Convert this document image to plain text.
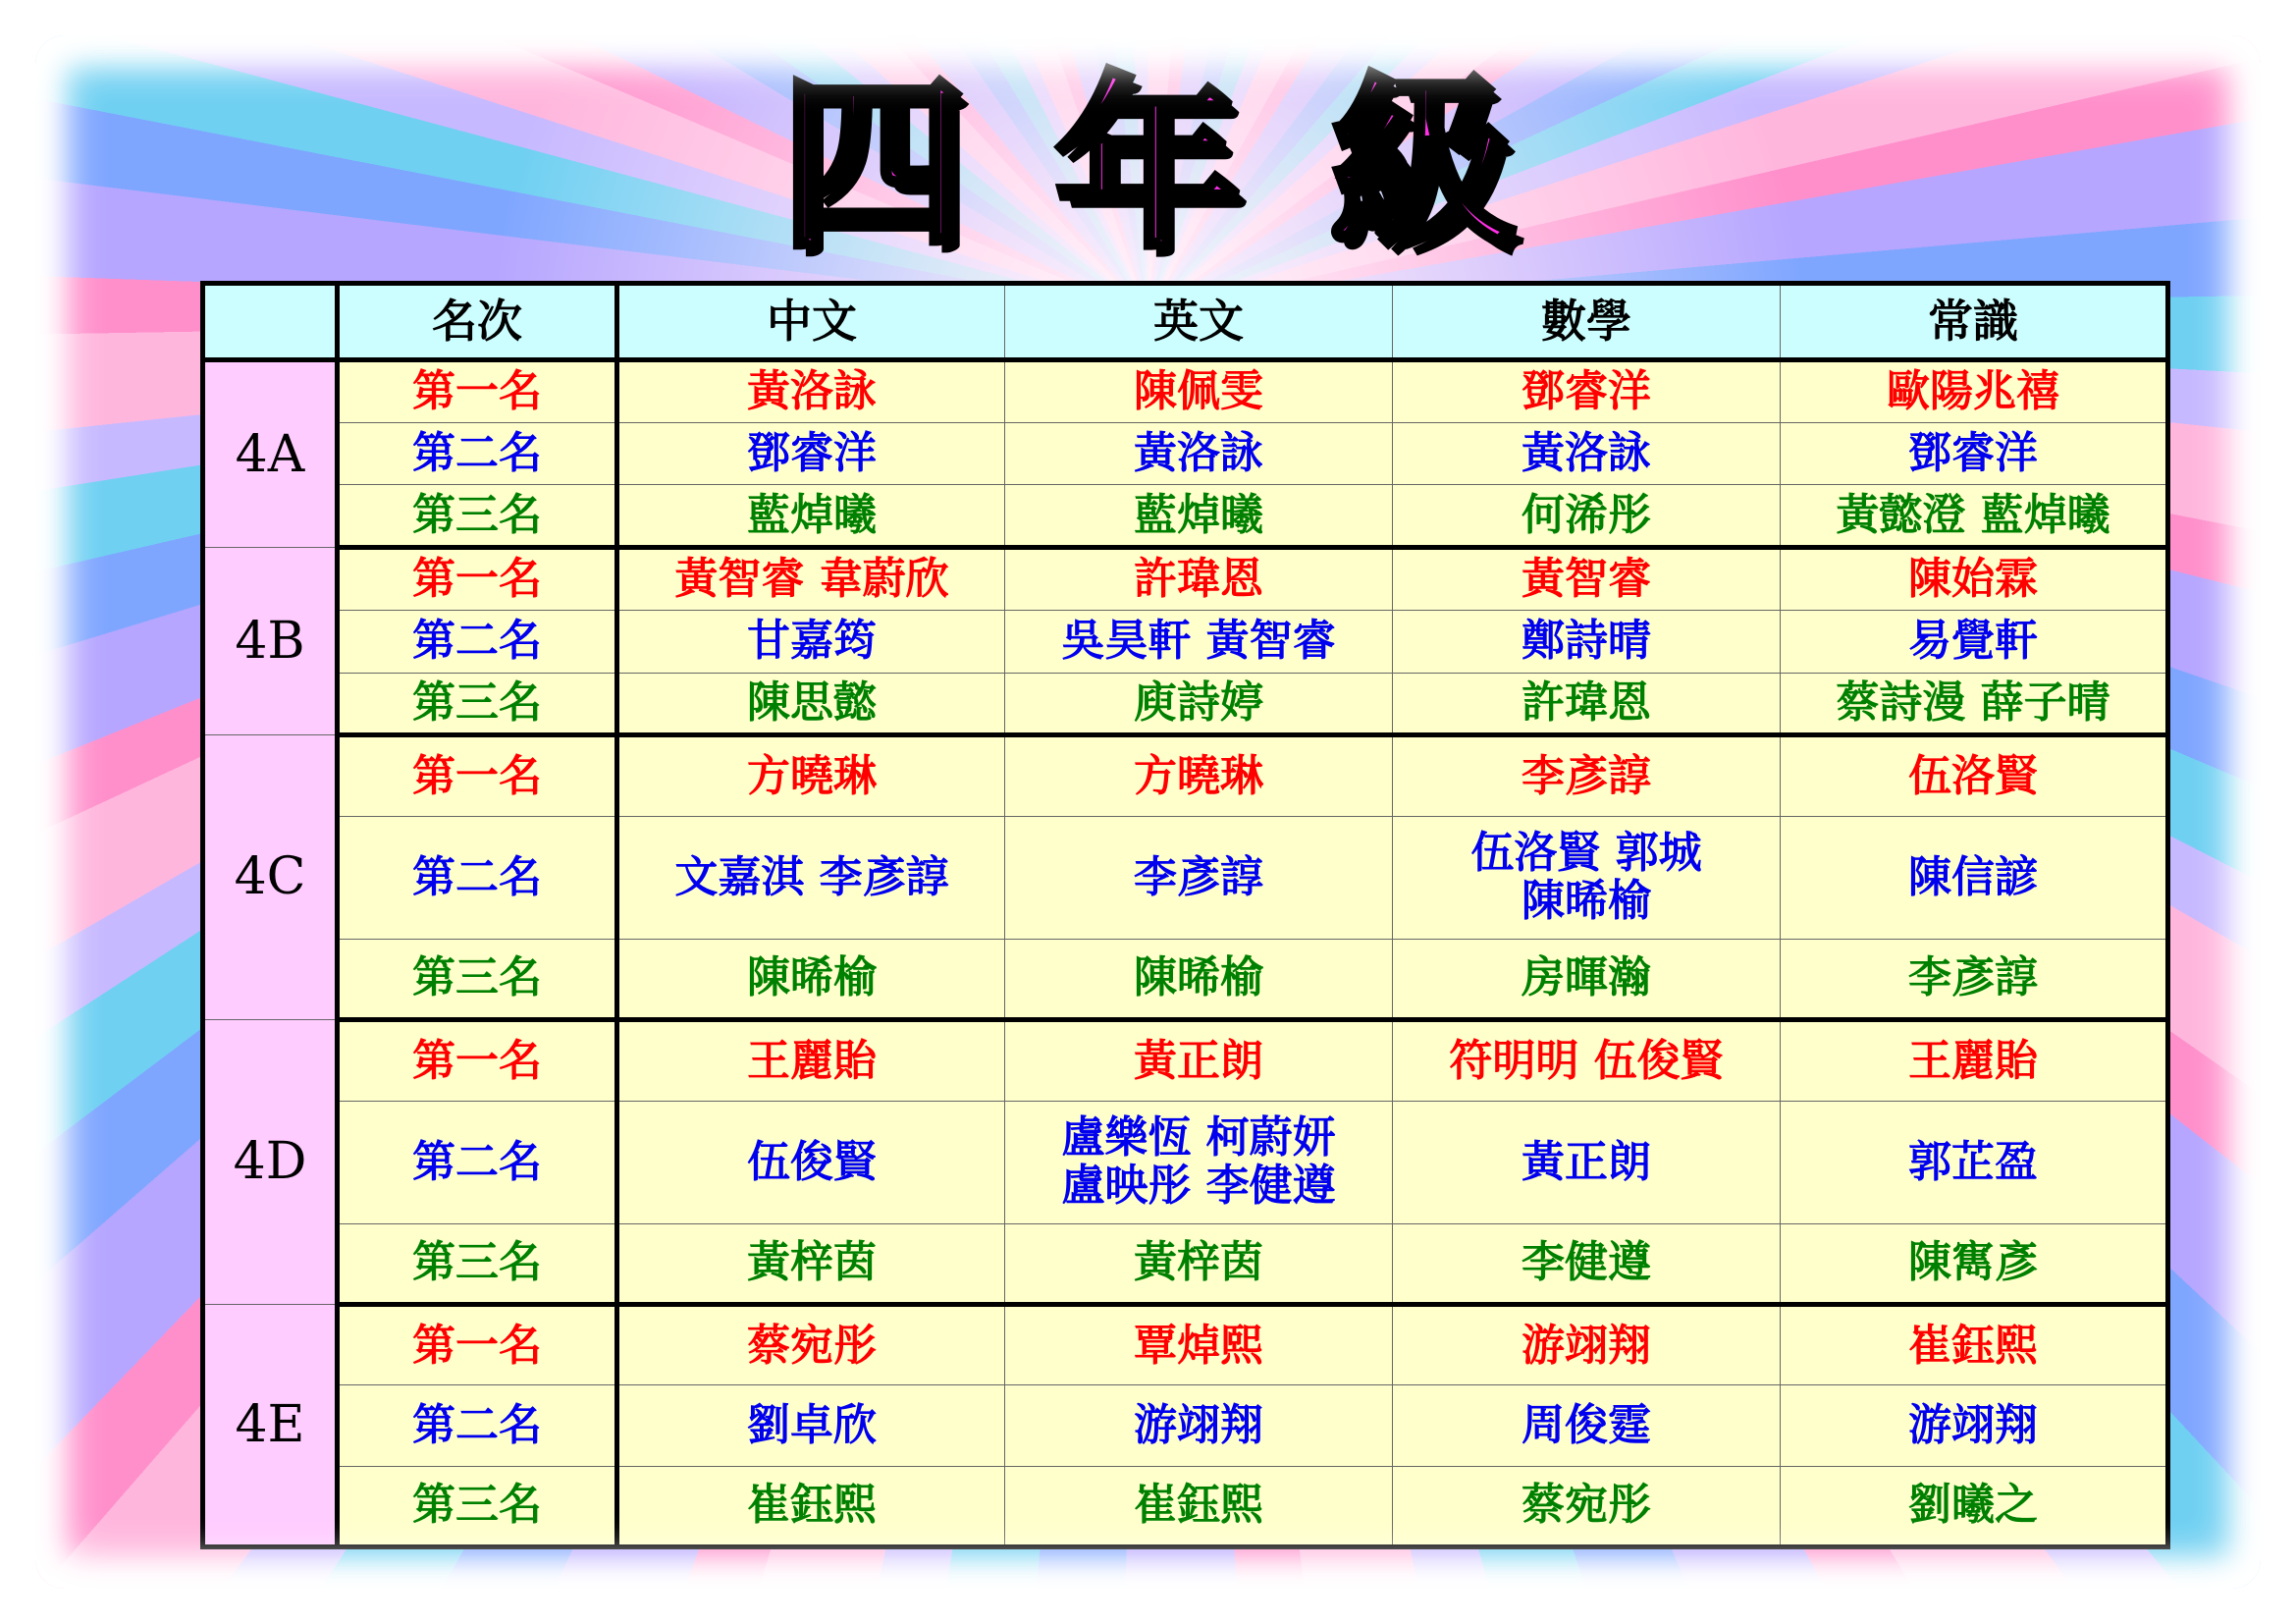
四年級
	名次	中文	英文	數學	常識
4A	第一名	黃洛詠	陳佩雯	鄧睿洋	歐陽兆禧

	第二名	鄧睿洋	黃洛詠	黃洛詠	鄧睿洋

	第三名	藍焯曦	藍焯曦	何浠彤	黃懿澄 藍焯曦

4B	第一名	黃智睿 韋蔚欣	許瑋恩	黃智睿	陳始霖

	第二名	甘嘉筠	吳昊軒 黃智睿	鄭詩晴	易覺軒

	第三名	陳思懿	庾詩婷	許瑋恩	蔡詩漫 薛子晴

4C	第一名	方曉琳	方曉琳	李彥諄	伍洛賢

	第二名	文嘉淇 李彥諄	李彥諄	伍洛賢 郭城
陳晞榆	陳信諺

	第三名	陳晞榆	陳晞榆	房暉瀚	李彥諄

4D	第一名	王麗貽	黃正朗	符明明 伍俊賢	王麗貽

	第二名	伍俊賢	盧樂恆 柯蔚妍
盧映彤 李健遵	黃正朗	郭芷盈

	第三名	黃梓茵	黃梓茵	李健遵	陳寯彥

4E	第一名	蔡宛彤	覃焯熙	游翊翔	崔鈺熙

	第二名	劉卓欣	游翊翔	周俊霆	游翊翔

	第三名	崔鈺熙	崔鈺熙	蔡宛彤	劉曦之
